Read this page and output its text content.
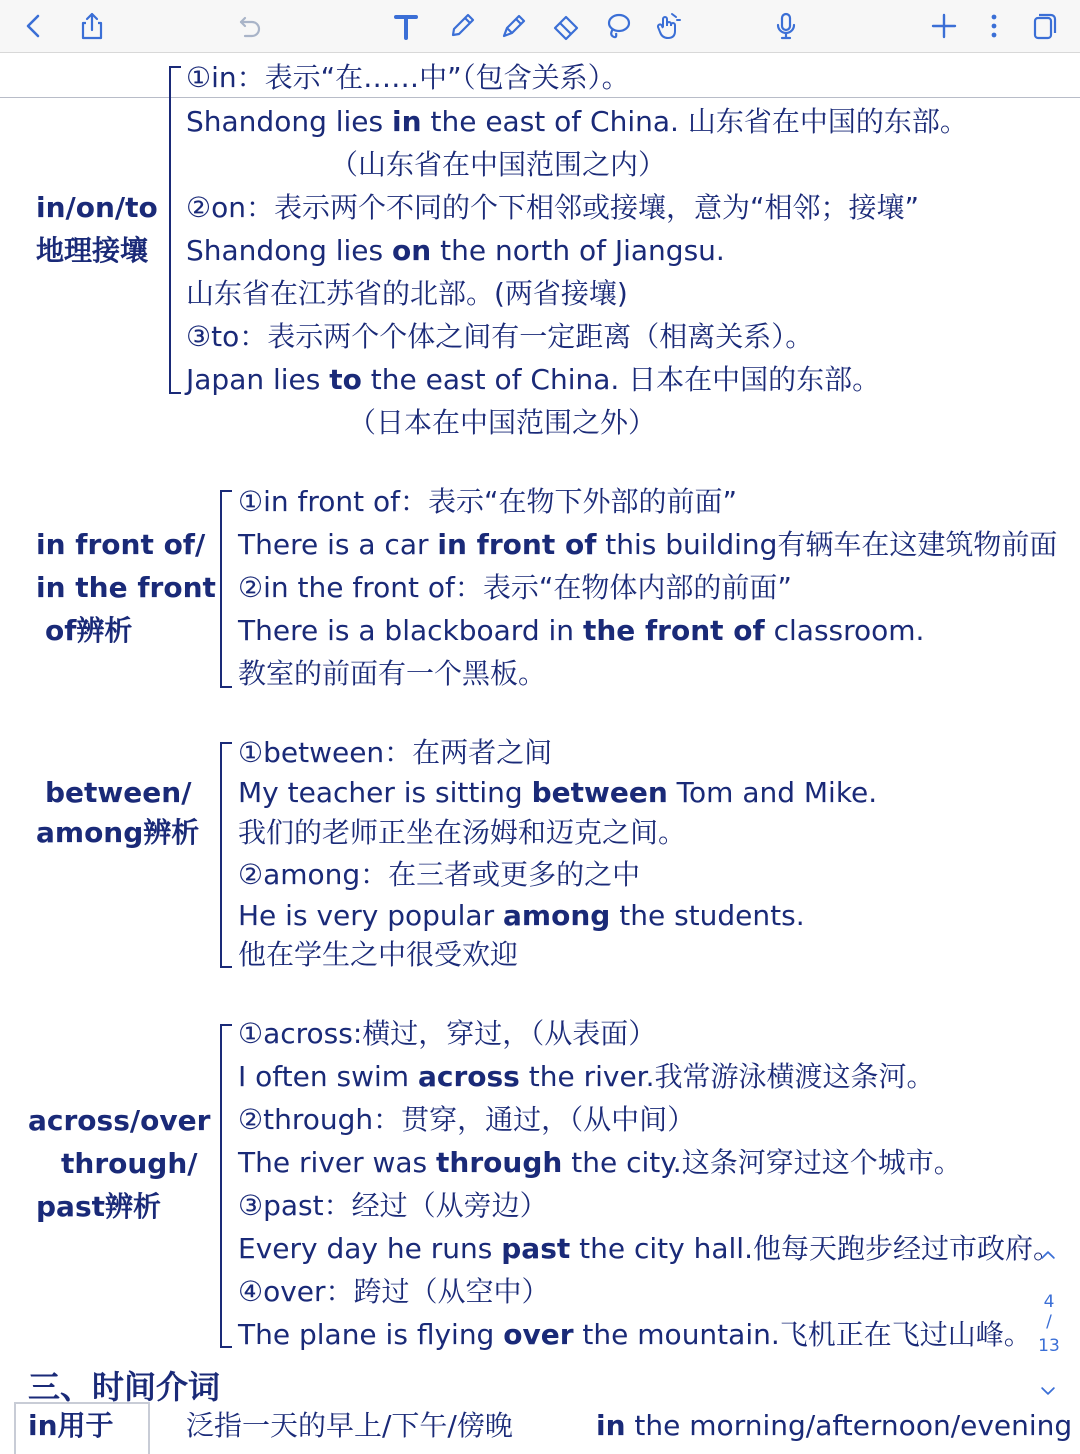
in/on/to
地理接壤
①in：表示“在……中”（包含关系）。
Shandong lies in the east of China. 山东省在中国的东部。
（山东省在中国范围之内）
②on：表示两个不同的个下相邻或接壤，意为“相邻；接壤”
Shandong lies on the north of Jiangsu.
山东省在江苏省的北部。(两省接壤)
③to：表示两个个体之间有一定距离（相离关系）。
Japan lies to the east of China. 日本在中国的东部。
（日本在中国范围之外）
in front of/
in the front
of辨析
①in front of：表示“在物下外部的前面”
There is a car in front of this building有辆车在这建筑物前面
②in the front of：表示“在物体内部的前面”
There is a blackboard in the front of classroom.
教室的前面有一个黑板。
between/
among辨析
①between：在两者之间
My teacher is sitting between Tom and Mike.
我们的老师正坐在汤姆和迈克之间。
②among：在三者或更多的之中
He is very popular among the students.
他在学生之中很受欢迎
across/over
through/
past辨析
①across:横过，穿过，（从表面）
I often swim across the river.我常游泳横渡这条河。
②through：贯穿，通过，（从中间）
The river was through the city.这条河穿过这个城市。
③past：经过（从旁边）
Every day he runs past the city hall.他每天跑步经过市政府。
④over：跨过（从空中）
The plane is flying over the mountain.飞机正在飞过山峰。
三、时间介词
in用于	泛指一天的早上/下午/傍晚	in the morning/afternoon/evening
4
/
13
